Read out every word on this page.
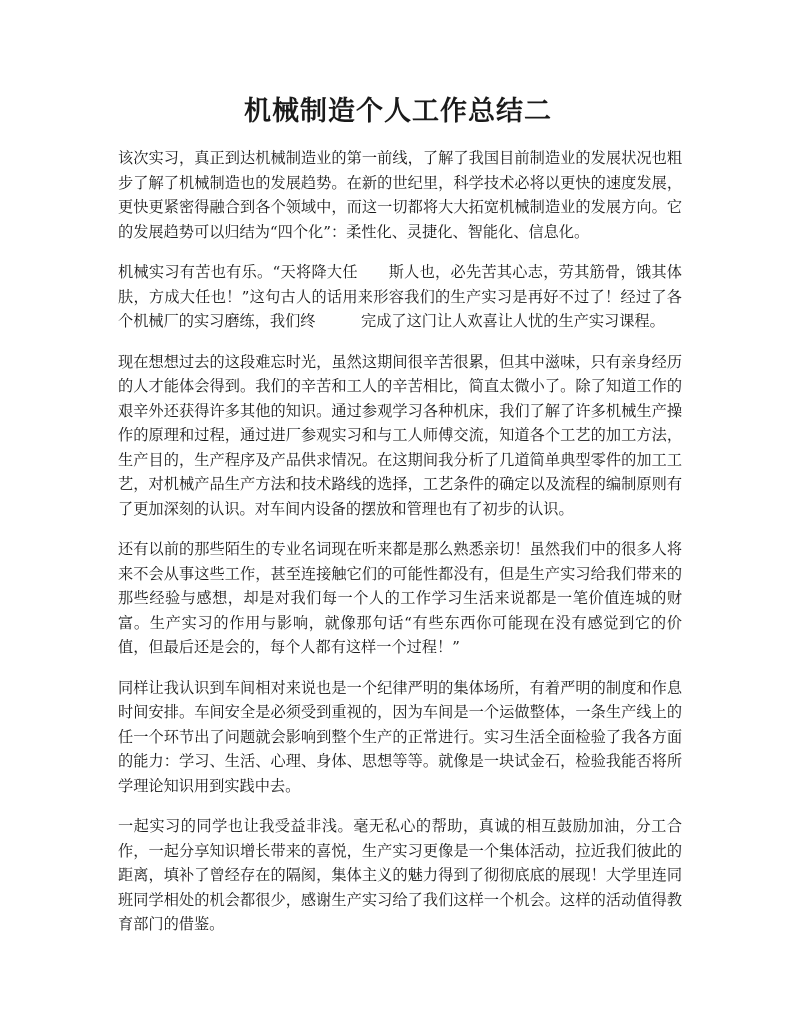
机械制造个人工作总结二

该次实习，真正到达机械制造业的第一前线，了解了我国目前制造业的发展状况也粗步了解了机械制造也的发展趋势。在新的世纪里，科学技术必将以更快的速度发展，更快更紧密得融合到各个领域中，而这一切都将大大拓宽机械制造业的发展方向。它的发展趋势可以归结为“四个化”：柔性化、灵捷化、智能化、信息化。

机械实习有苦也有乐。“天将降大任　　斯人也，必先苦其心志，劳其筋骨，饿其体肤，方成大任也！”这句古人的话用来形容我们的生产实习是再好不过了！经过了各个机械厂的实习磨练，我们终　　　完成了这门让人欢喜让人忧的生产实习课程。

现在想想过去的这段难忘时光，虽然这期间很辛苦很累，但其中滋味，只有亲身经历的人才能体会得到。我们的辛苦和工人的辛苦相比，简直太微小了。除了知道工作的艰辛外还获得许多其他的知识。通过参观学习各种机床，我们了解了许多机械生产操作的原理和过程，通过进厂参观实习和与工人师傅交流，知道各个工艺的加工方法，生产目的，生产程序及产品供求情况。在这期间我分析了几道简单典型零件的加工工艺，对机械产品生产方法和技术路线的选择，工艺条件的确定以及流程的编制原则有了更加深刻的认识。对车间内设备的摆放和管理也有了初步的认识。

还有以前的那些陌生的专业名词现在听来都是那么熟悉亲切！虽然我们中的很多人将来不会从事这些工作，甚至连接触它们的可能性都没有，但是生产实习给我们带来的那些经验与感想，却是对我们每一个人的工作学习生活来说都是一笔价值连城的财富。生产实习的作用与影响，就像那句话“有些东西你可能现在没有感觉到它的价值，但最后还是会的，每个人都有这样一个过程！”

同样让我认识到车间相对来说也是一个纪律严明的集体场所，有着严明的制度和作息时间安排。车间安全是必须受到重视的，因为车间是一个运做整体，一条生产线上的任一个环节出了问题就会影响到整个生产的正常进行。实习生活全面检验了我各方面的能力：学习、生活、心理、身体、思想等等。就像是一块试金石，检验我能否将所学理论知识用到实践中去。

一起实习的同学也让我受益非浅。毫无私心的帮助，真诚的相互鼓励加油，分工合作，一起分享知识增长带来的喜悦，生产实习更像是一个集体活动，拉近我们彼此的距离，填补了曾经存在的隔阂，集体主义的魅力得到了彻彻底底的展现！大学里连同班同学相处的机会都很少，感谢生产实习给了我们这样一个机会。这样的活动值得教育部门的借鉴。
